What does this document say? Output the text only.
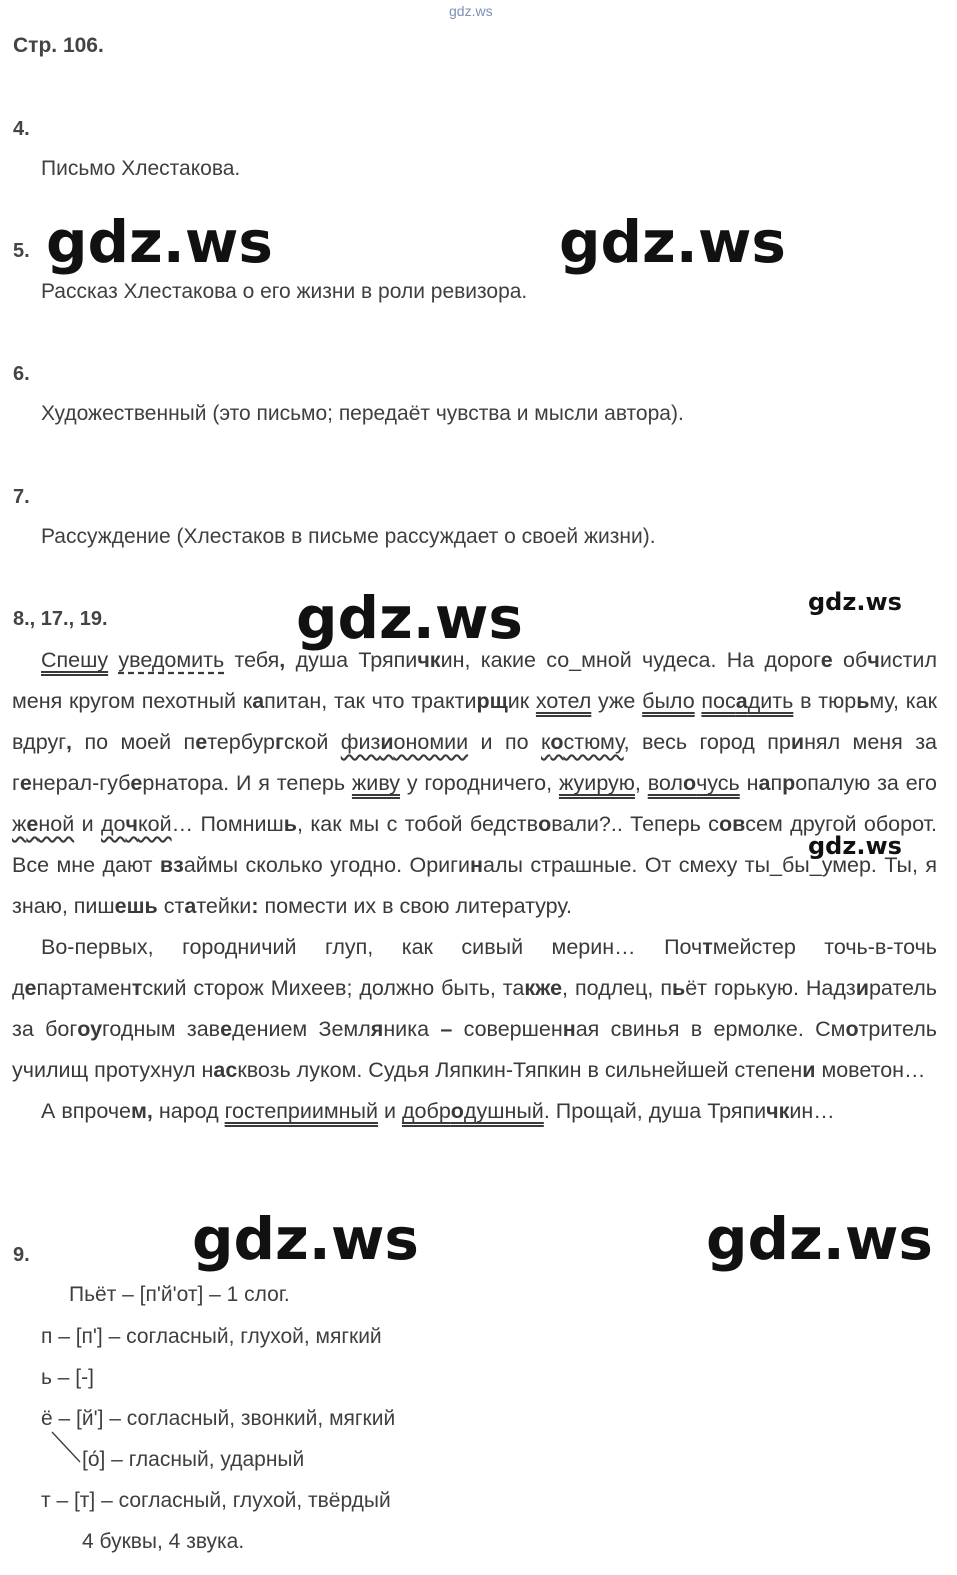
gdz.ws
Стр. 106.
4.
Письмо Хлестакова.
5. gdz.ws	gdz.ws
Рассказ Хлестакова о его жизни в роли ревизора.
6.
Художественный (это письмо; передаёт чувства и мысли автора).
7.
Рассуждение (Хлестаков в письме рассуждает о своей жизни).
8., 17., 19.	gdz.ws	gdz.ws

Спешу уведомить тебя, душа Тряпичкин, какие со_мной чудеса. На дороге обчистил меня кругом пехотный капитан, так что трактирщик хотел уже было посадить в тюрьму, как вдруг, по моей петербургской физиономии и по костюму, весь город принял меня за генерал-губернатора. И я теперь живу у городничего, жуирую, волочусь напропалую за его женой и дочкой… Помнишь, как мы с тобой бедствовали?.. Теперь совсем другой оборот. Все мне дают взаймы сколько угодно. Оригиналы страшные. От смеху ты_бы_умер. Ты, я знаю, пишешь статейки: помести их в свою литературу.

Во-первых, городничий глуп, как сивый мерин… Почтмейстер точь-в-точь департаментский сторож Михеев; должно быть, также, подлец, пьёт горькую. Надзиратель за богоугодным заведением Земляника – совершенная свинья в ермолке. Смотритель училищ протухнул насквозь луком. Судья Ляпкин-Тяпкин в сильнейшей степени моветон…

А впрочем, народ гостеприимный и добродушный. Прощай, душа Тряпичкин…

gdz.ws
9.	gdz.ws	gdz.ws
Пьёт – [п'й'от] – 1 слог.
п – [п'] – согласный, глухой, мягкий
ь – [-]
ё – [й'] – согласный, звонкий, мягкий
[о́] – гласный, ударный
т – [т] – согласный, глухой, твёрдый
4 буквы, 4 звука.
